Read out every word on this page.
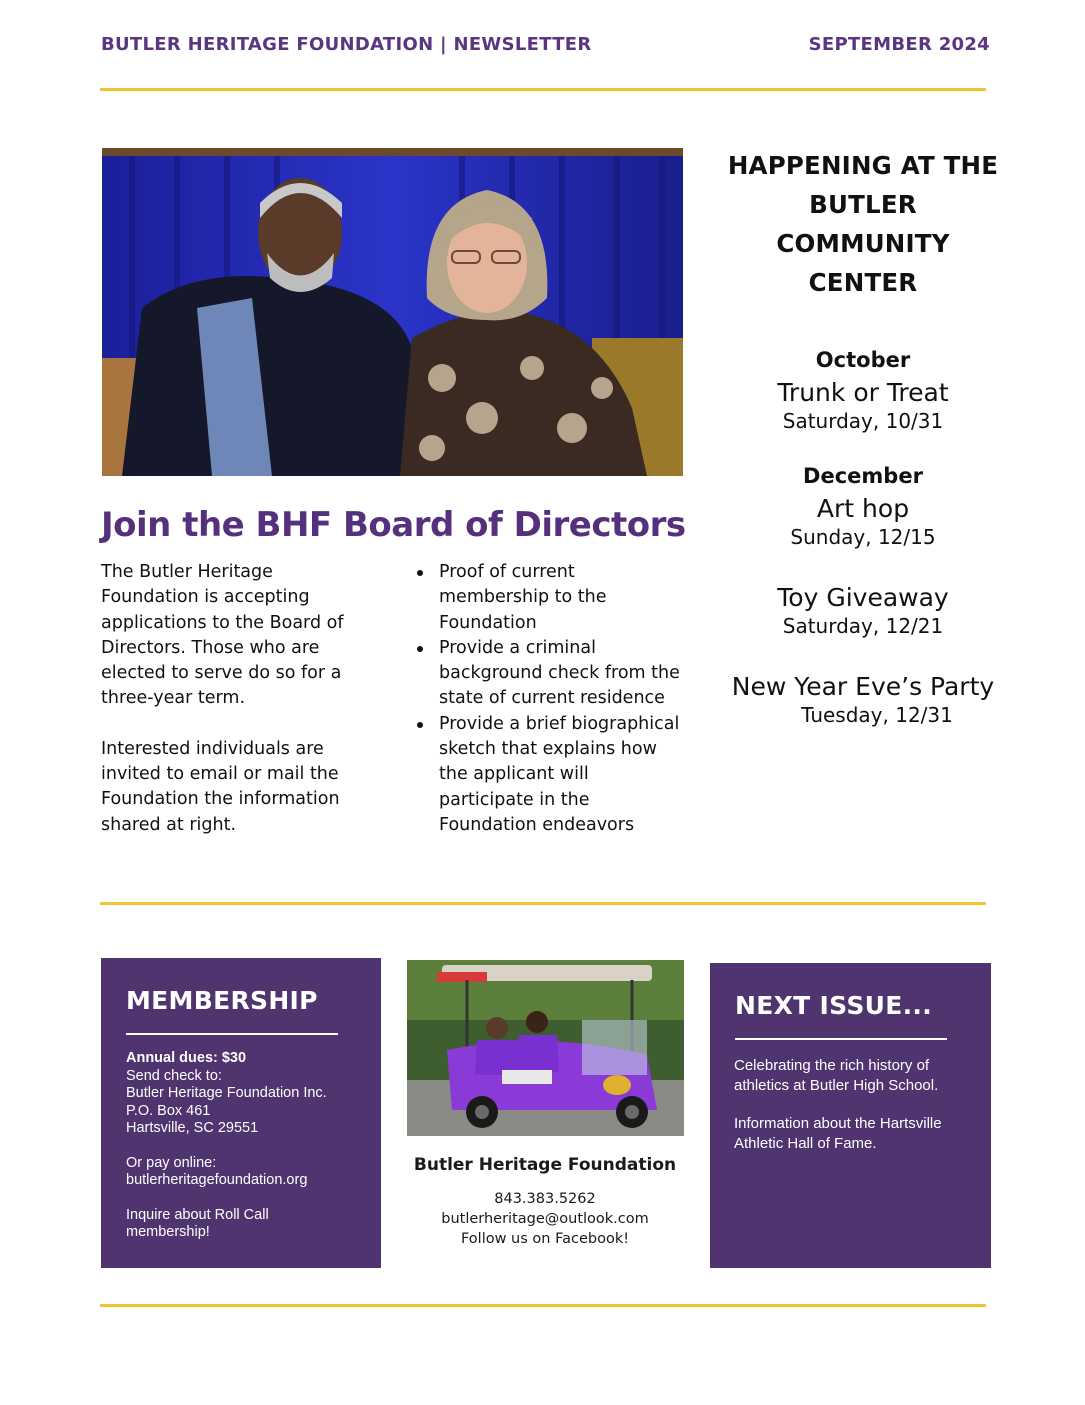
BUTLER HERITAGE FOUNDATION | NEWSLETTER	SEPTEMBER 2024
Join the BHF Board of Directors

The Butler Heritage Foundation is accepting applications to the Board of Directors. Those who are elected to serve do so for a three-year term.

Interested individuals are invited to email or mail the Foundation the information shared at right.

Proof of current membership to the Foundation
Provide a criminal background check from the state of current residence
Provide a brief biographical sketch that explains how the applicant will participate in the Foundation endeavors
HAPPENING AT THE
BUTLER
COMMUNITY
CENTER
October
Trunk or Treat
Saturday, 10/31
December
Art hop
Sunday, 12/15
Toy Giveaway
Saturday, 12/21
New Year Eve’s Party
Tuesday, 12/31
MEMBERSHIP
Annual dues: $30
Send check to:
Butler Heritage Foundation Inc.
P.O. Box 461
Hartsville, SC 29551
Or pay online:
butlerheritagefoundation.org
Inquire about Roll Call membership!
Butler Heritage Foundation
843.383.5262
butlerheritage@outlook.com
Follow us on Facebook!
NEXT ISSUE...
Celebrating the rich history of athletics at Butler High School.
Information about the Hartsville Athletic Hall of Fame.
